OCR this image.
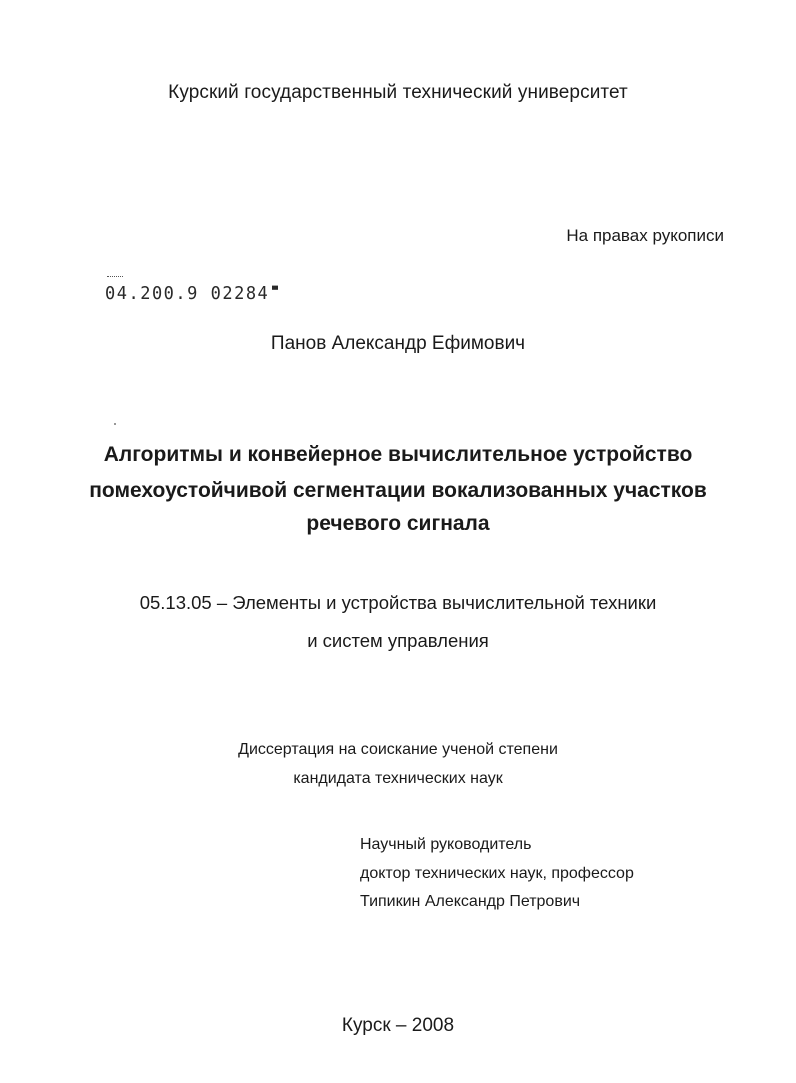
Курский государственный технический университет
На правах рукописи
04.200.9 02284
Панов Александр Ефимович
Алгоритмы и конвейерное вычислительное устройство
помехоустойчивой сегментации вокализованных участков
речевого сигнала
05.13.05 – Элементы и устройства вычислительной техники
и систем управления
Диссертация на соискание ученой степени
кандидата технических наук
Научный руководитель
доктор технических наук, профессор
Типикин Александр Петрович
Курск – 2008
